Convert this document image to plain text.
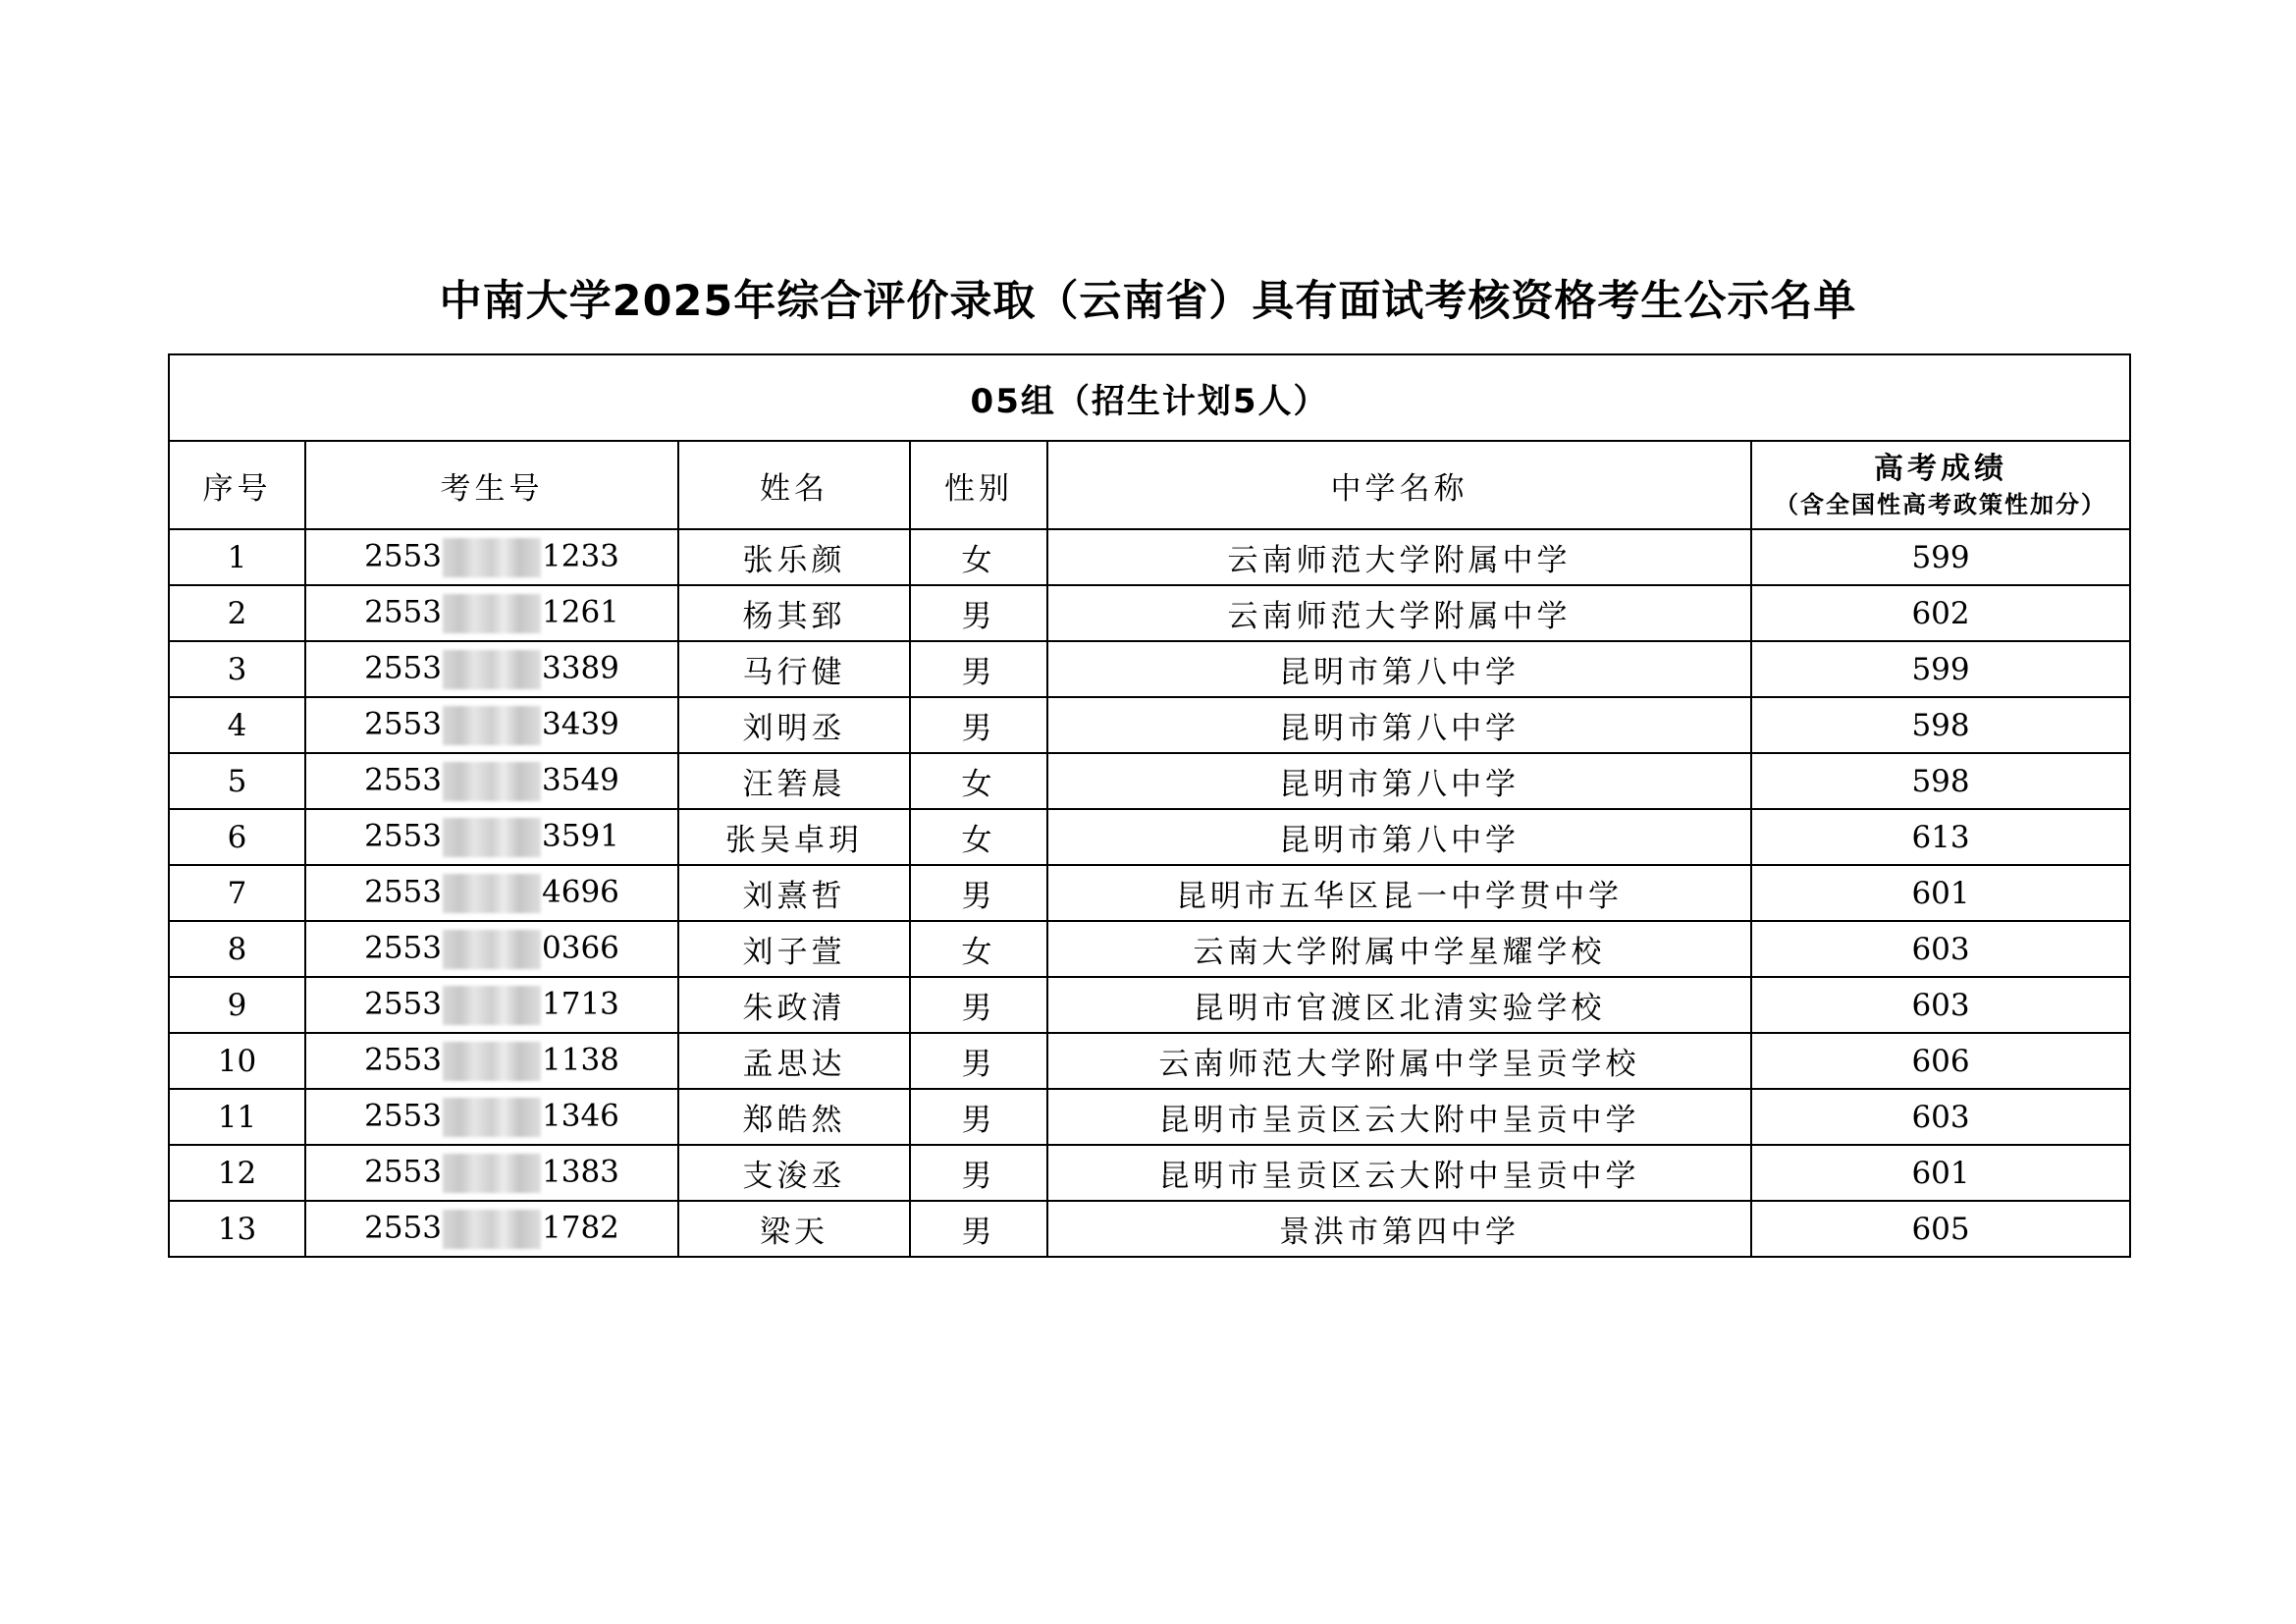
中南大学2025年综合评价录取（云南省）具有面试考核资格考生公示名单
05组（招生计划5人）					
序号	考生号	姓名	性别	中学名称	高考成绩
（含全国性高考政策性加分）

1	2553 1233	张乐颜	女	云南师范大学附属中学	599
2	2553 1261	杨其郅	男	云南师范大学附属中学	602
3	2553 3389	马行健	男	昆明市第八中学	599
4	2553 3439	刘明丞	男	昆明市第八中学	598
5	2553 3549	汪箬晨	女	昆明市第八中学	598
6	2553 3591	张吴卓玥	女	昆明市第八中学	613
7	2553 4696	刘熹哲	男	昆明市五华区昆一中学贯中学	601
8	2553 0366	刘子萱	女	云南大学附属中学星耀学校	603
9	2553 1713	朱政清	男	昆明市官渡区北清实验学校	603
10	2553 1138	孟思达	男	云南师范大学附属中学呈贡学校	606
11	2553 1346	郑皓然	男	昆明市呈贡区云大附中呈贡中学	603
12	2553 1383	支浚丞	男	昆明市呈贡区云大附中呈贡中学	601
13	2553 1782	梁天	男	景洪市第四中学	605
